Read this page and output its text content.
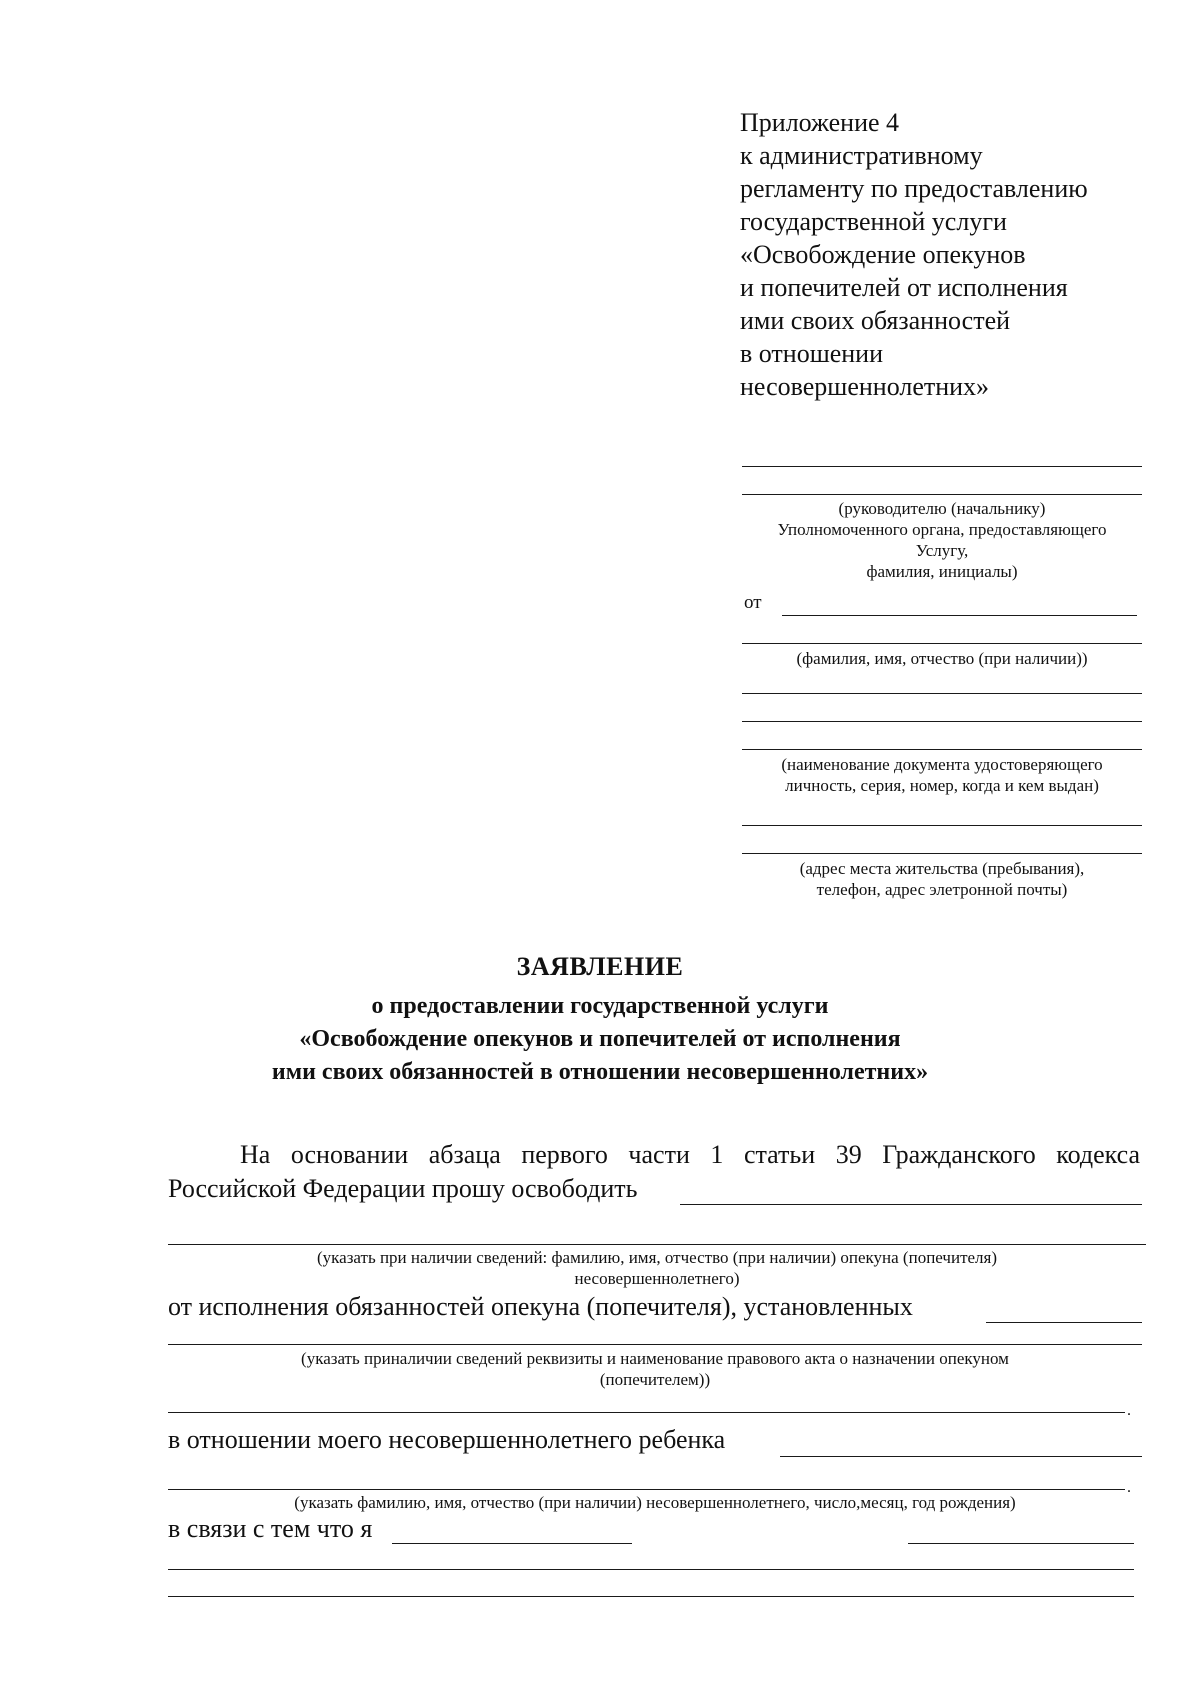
Приложение 4
к административному
регламенту по предоставлению
государственной услуги
«Освобождение опекунов
и попечителей от исполнения
ими своих обязанностей
в отношении
несовершеннолетних»
(руководителю (начальнику)
Уполномоченного органа, предоставляющего
Услугу,
фамилия, инициалы)
от
(фамилия, имя, отчество (при наличии))
(наименование документа удостоверяющего
личность, серия, номер, когда и кем выдан)
(адрес места жительства (пребывания),
телефон, адрес элетронной почты)
ЗАЯВЛЕНИЕ
о предоставлении государственной услуги
«Освобождение опекунов и попечителей от исполнения
ими своих обязанностей в отношении несовершеннолетних»
На основании абзаца первого части 1 статьи 39 Гражданского кодекса
Российской Федерации прошу освободить
(указать при наличии сведений: фамилию, имя, отчество (при наличии) опекуна (попечителя)
несовершеннолетнего)
от исполнения обязанностей опекуна (попечителя), установленных
(указать приналичии сведений реквизиты и наименование правового акта о назначении опекуном
(попечителем))
.
в отношении моего несовершеннолетнего ребенка
.
(указать фамилию, имя, отчество (при наличии) несовершеннолетнего, число,месяц, год рождения)
в связи с тем что я
